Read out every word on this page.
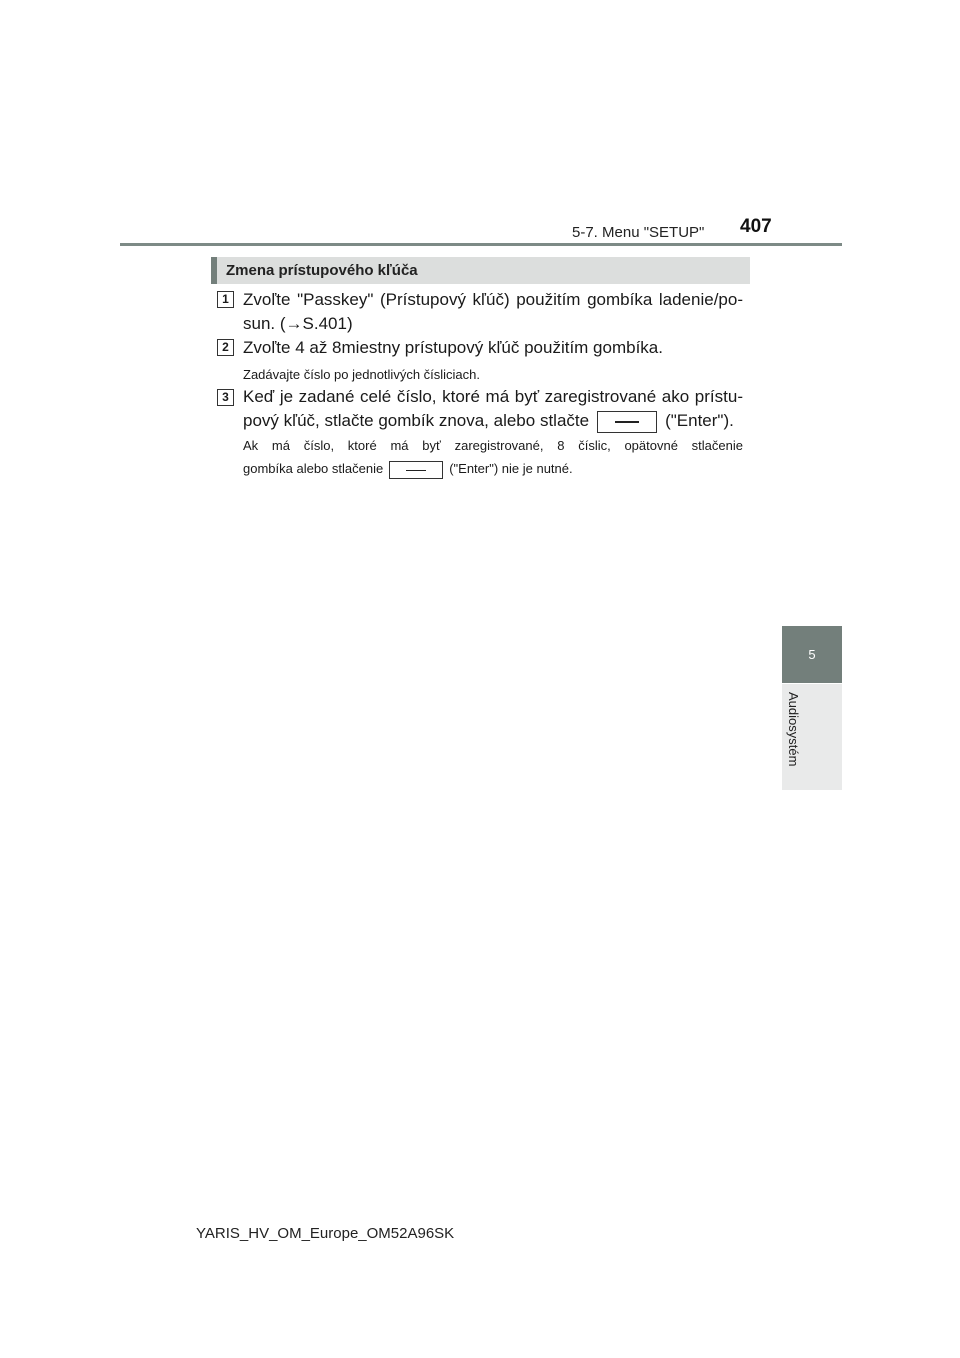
5-7. Menu "SETUP" 407
5
Audiosystém
Zmena prístupového kľúča
1 Zvoľte "Passkey" (Prístupový kľúč) použitím gombíka ladenie/po-
sun. (→S.401)
2 Zvoľte 4 až 8miestny prístupový kľúč použitím gombíka.
Zadávajte číslo po jednotlivých čísliciach.
3 Keď je zadané celé číslo, ktoré má byť zaregistrované ako prístu-
pový kľúč, stlačte gombík znova, alebo stlačte	("Enter").
Ak má číslo, ktoré má byť zaregistrované, 8 číslic, opätovné stlačenie
gombíka alebo stlačenie	("Enter") nie je nutné.
YARIS_HV_OM_Europe_OM52A96SK
